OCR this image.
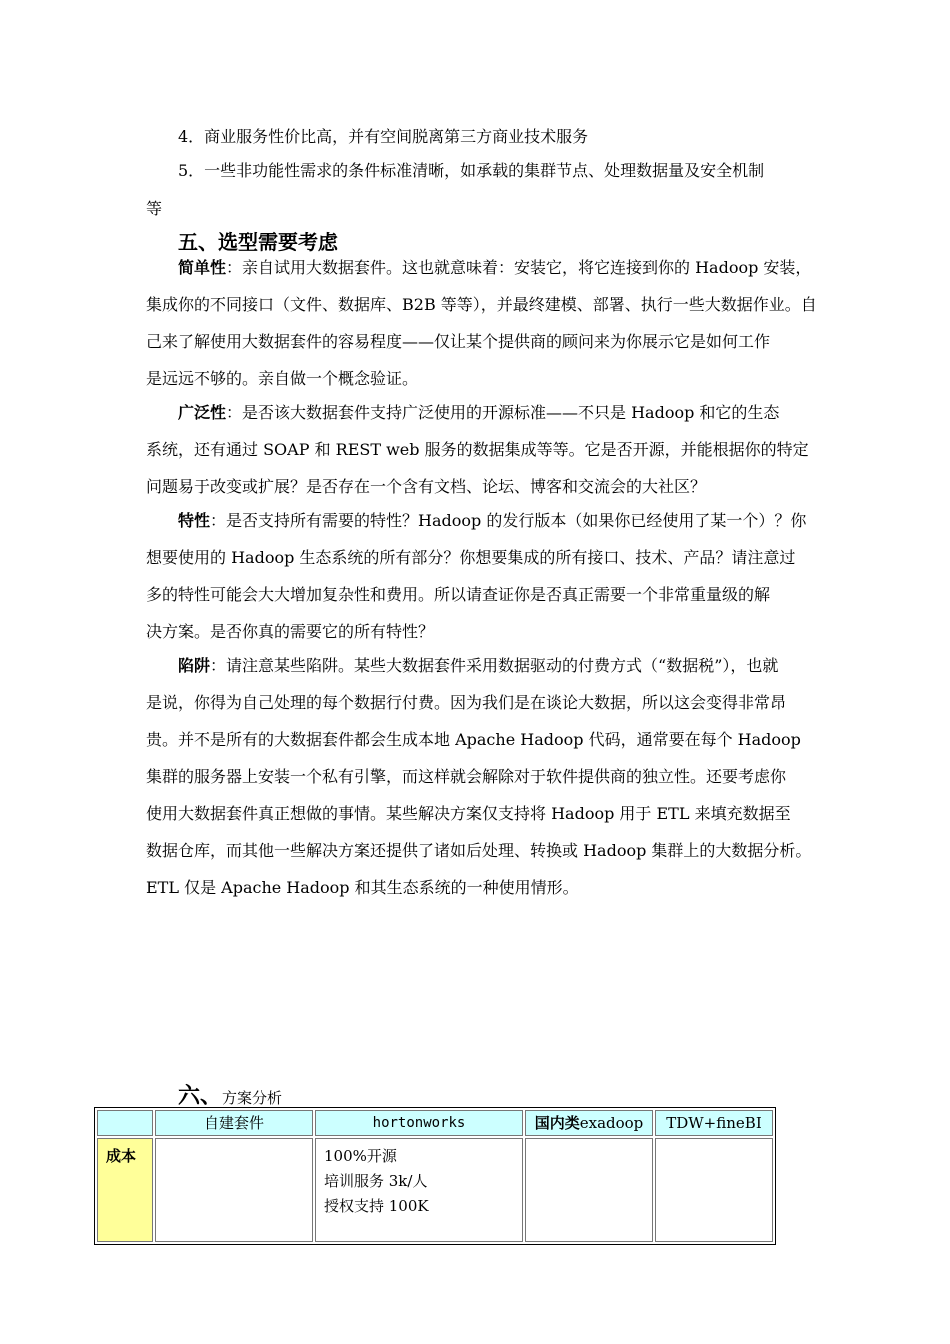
4．商业服务性价比高，并有空间脱离第三方商业技术服务
5．一些非功能性需求的条件标准清晰，如承载的集群节点、处理数据量及安全机制
等
五、选型需要考虑
简单性：亲自试用大数据套件。这也就意味着：安装它，将它连接到你的 Hadoop 安装，
集成你的不同接口（文件、数据库、B2B 等等），并最终建模、部署、执行一些大数据作业。自
己来了解使用大数据套件的容易程度——仅让某个提供商的顾问来为你展示它是如何工作
是远远不够的。亲自做一个概念验证。
广泛性：是否该大数据套件支持广泛使用的开源标准——不只是 Hadoop 和它的生态
系统，还有通过 SOAP 和 REST web 服务的数据集成等等。它是否开源，并能根据你的特定
问题易于改变或扩展？是否存在一个含有文档、论坛、博客和交流会的大社区？
特性：是否支持所有需要的特性？Hadoop 的发行版本（如果你已经使用了某一个）？你
想要使用的 Hadoop 生态系统的所有部分？你想要集成的所有接口、技术、产品？请注意过
多的特性可能会大大增加复杂性和费用。所以请查证你是否真正需要一个非常重量级的解
决方案。是否你真的需要它的所有特性？
陷阱：请注意某些陷阱。某些大数据套件采用数据驱动的付费方式（“数据税”），也就
是说，你得为自己处理的每个数据行付费。因为我们是在谈论大数据，所以这会变得非常昂
贵。并不是所有的大数据套件都会生成本地 Apache Hadoop 代码，通常要在每个 Hadoop
集群的服务器上安装一个私有引擎，而这样就会解除对于软件提供商的独立性。还要考虑你
使用大数据套件真正想做的事情。某些解决方案仅支持将 Hadoop 用于 ETL 来填充数据至
数据仓库，而其他一些解决方案还提供了诸如后处理、转换或 Hadoop 集群上的大数据分析。
ETL 仅是 Apache Hadoop 和其生态系统的一种使用情形。
六、方案分析
	自建套件	hortonworks	国内类exadoop	TDW+fineBI
成本		100%开源
培训服务 3k/人
授权支持 100K		
